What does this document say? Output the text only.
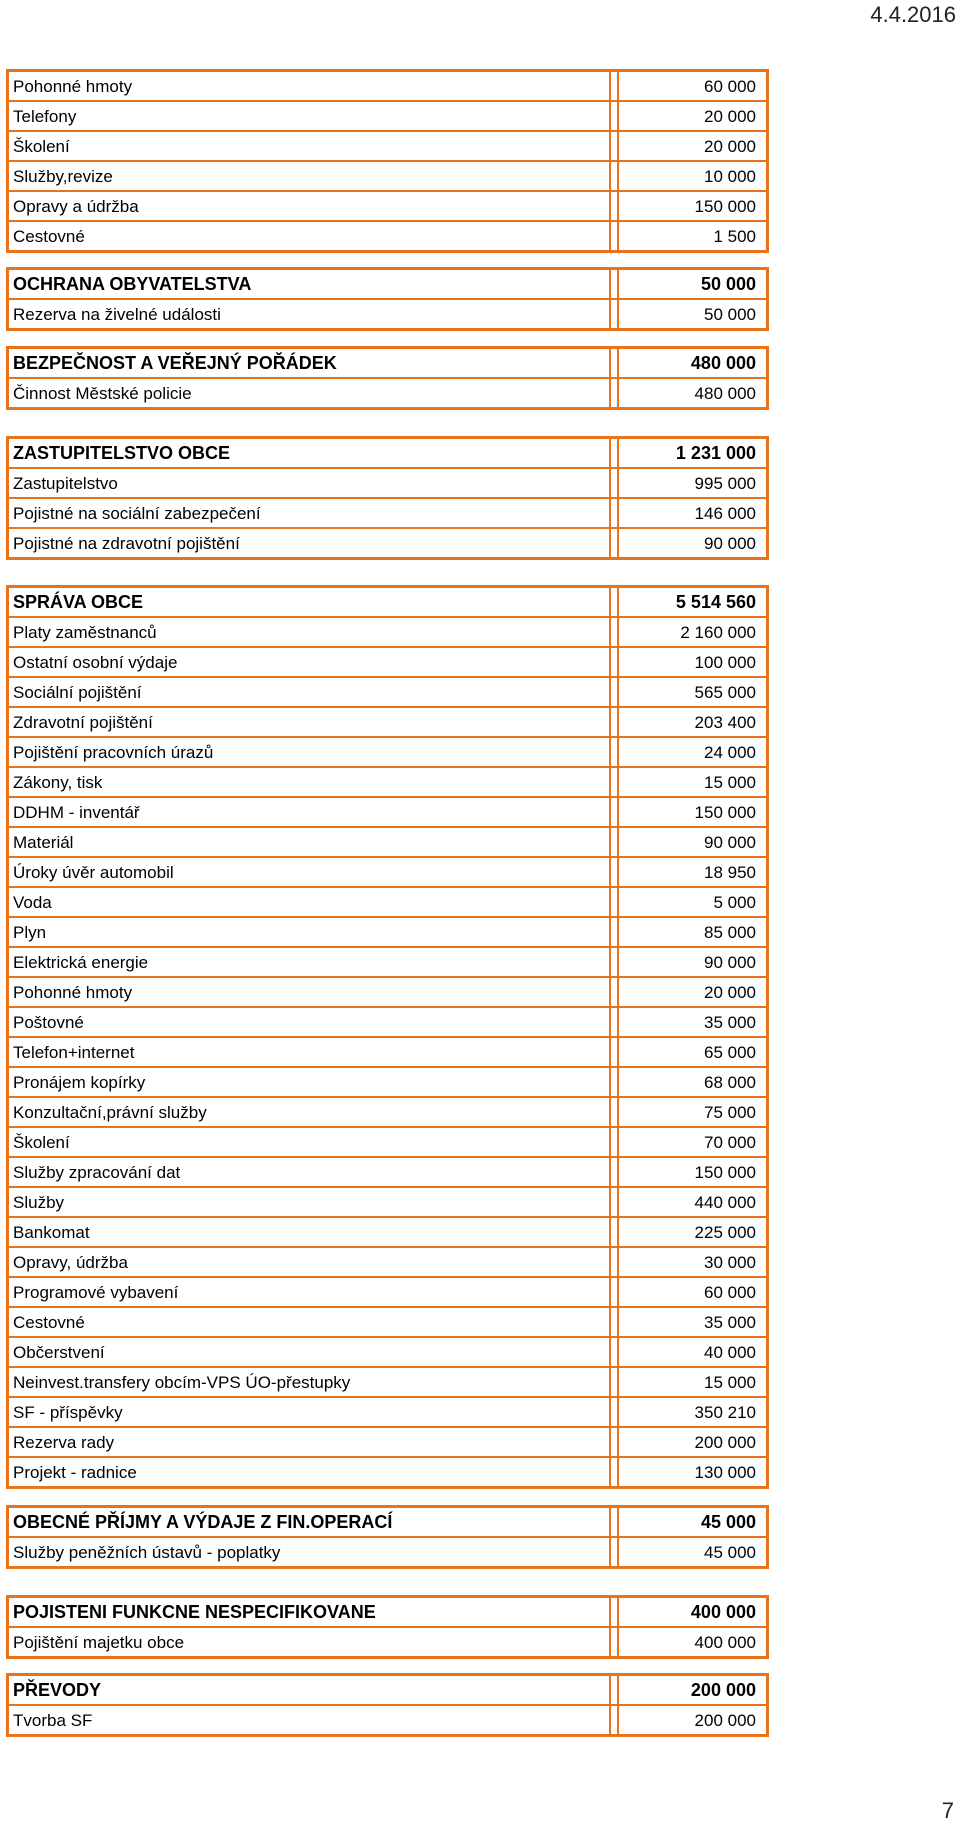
4.4.2016
Pohonné hmoty		60 000
Telefony		20 000
Školení		20 000
Služby,revize		10 000
Opravy a údržba		150 000
Cestovné		1 500
OCHRANA OBYVATELSTVA		50 000
Rezerva na živelné události		50 000
BEZPEČNOST A VEŘEJNÝ POŘÁDEK		480 000
Činnost Městské policie		480 000
ZASTUPITELSTVO OBCE		1 231 000
Zastupitelstvo		995 000
Pojistné na sociální zabezpečení		146 000
Pojistné na zdravotní pojištění		90 000
SPRÁVA OBCE		5 514 560
Platy zaměstnanců		2 160 000
Ostatní osobní výdaje		100 000
Sociální pojištění		565 000
Zdravotní pojištění		203 400
Pojištění pracovních úrazů		24 000
Zákony, tisk		15 000
DDHM - inventář		150 000
Materiál		90 000
Úroky úvěr automobil		18 950
Voda		5 000
Plyn		85 000
Elektrická energie		90 000
Pohonné hmoty		20 000
Poštovné		35 000
Telefon+internet		65 000
Pronájem kopírky		68 000
Konzultační,právní služby		75 000
Školení		70 000
Služby zpracování dat		150 000
Služby		440 000
Bankomat		225 000
Opravy, údržba		30 000
Programové vybavení		60 000
Cestovné		35 000
Občerstvení		40 000
Neinvest.transfery obcím-VPS ÚO-přestupky		15 000
SF - příspěvky		350 210
Rezerva rady		200 000
Projekt - radnice		130 000
OBECNÉ PŘÍJMY A VÝDAJE Z FIN.OPERACÍ		45 000
Služby peněžních ústavů - poplatky		45 000
POJISTENI FUNKCNE NESPECIFIKOVANE		400 000
Pojištění majetku obce		400 000
PŘEVODY		200 000
Tvorba SF		200 000
7
